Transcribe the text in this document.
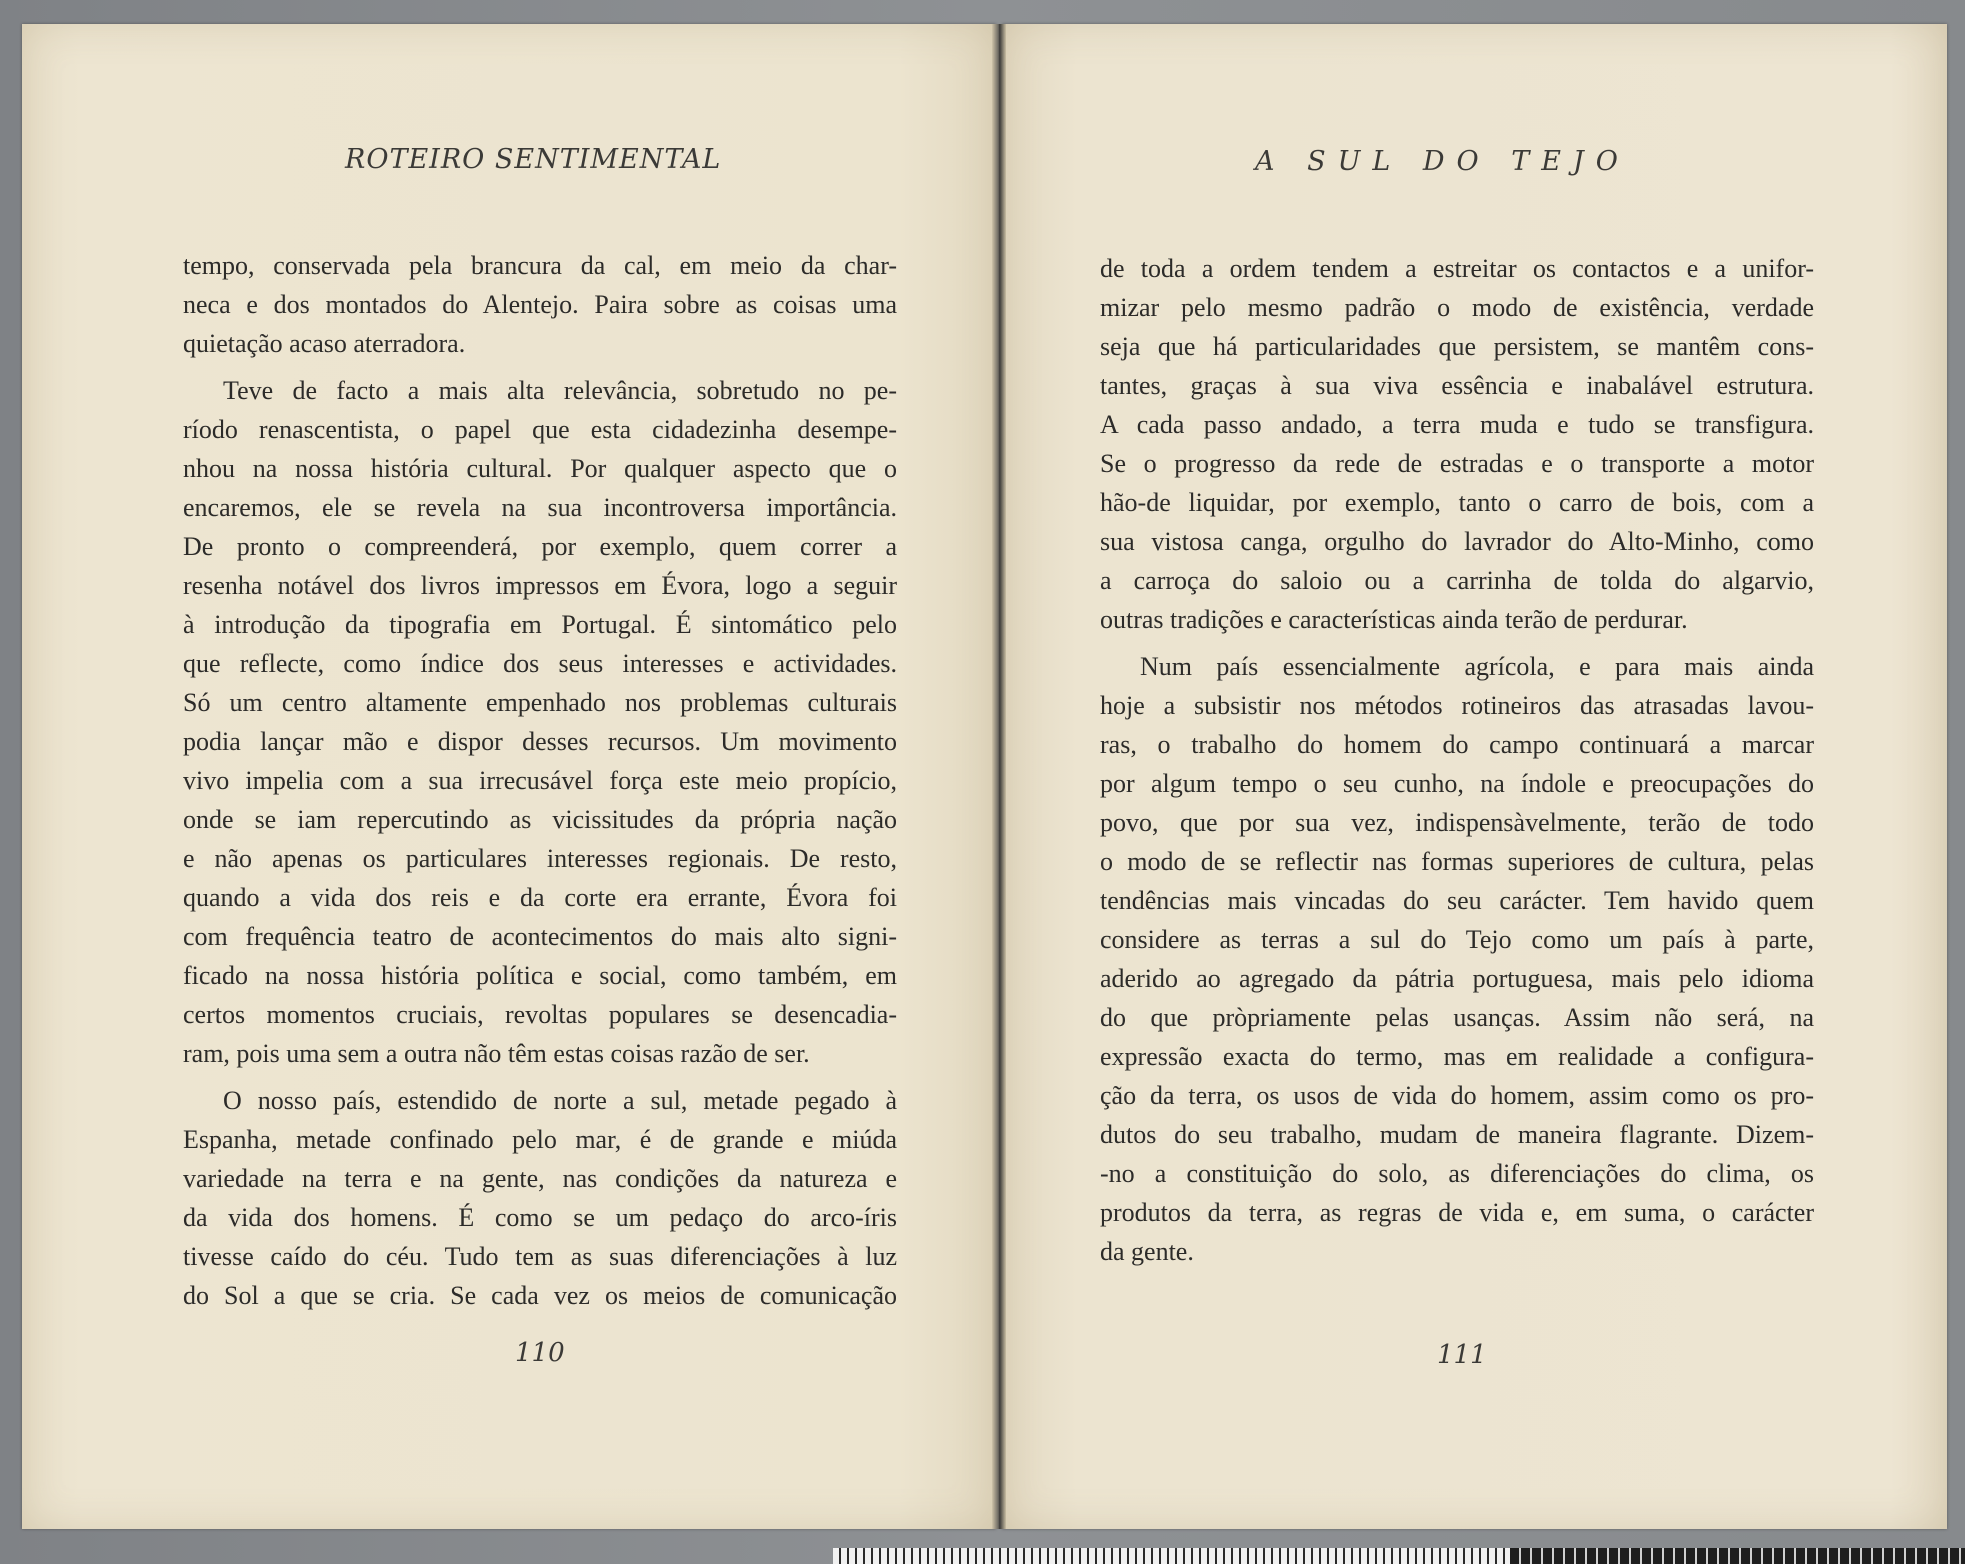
ROTEIRO SENTIMENTAL	A SUL DO TEJO
tempo, conservada pela brancura da cal, em meio da char-
neca e dos montados do Alentejo. Paira sobre as coisas uma
quietação acaso aterradora.
Teve de facto a mais alta relevância, sobretudo no pe-
ríodo renascentista, o papel que esta cidadezinha desempe-
nhou na nossa história cultural. Por qualquer aspecto que o
encaremos, ele se revela na sua incontroversa importância.
De pronto o compreenderá, por exemplo, quem correr a
resenha notável dos livros impressos em Évora, logo a seguir
à introdução da tipografia em Portugal. É sintomático pelo
que reflecte, como índice dos seus interesses e actividades.
Só um centro altamente empenhado nos problemas culturais
podia lançar mão e dispor desses recursos. Um movimento
vivo impelia com a sua irrecusável força este meio propício,
onde se iam repercutindo as vicissitudes da própria nação
e não apenas os particulares interesses regionais. De resto,
quando a vida dos reis e da corte era errante, Évora foi
com frequência teatro de acontecimentos do mais alto signi-
ficado na nossa história política e social, como também, em
certos momentos cruciais, revoltas populares se desencadia-
ram, pois uma sem a outra não têm estas coisas razão de ser.
O nosso país, estendido de norte a sul, metade pegado à
Espanha, metade confinado pelo mar, é de grande e miúda
variedade na terra e na gente, nas condições da natureza e
da vida dos homens. É como se um pedaço do arco-íris
tivesse caído do céu. Tudo tem as suas diferenciações à luz
do Sol a que se cria. Se cada vez os meios de comunicação
de toda a ordem tendem a estreitar os contactos e a unifor-
mizar pelo mesmo padrão o modo de existência, verdade
seja que há particularidades que persistem, se mantêm cons-
tantes, graças à sua viva essência e inabalável estrutura.
A cada passo andado, a terra muda e tudo se transfigura.
Se o progresso da rede de estradas e o transporte a motor
hão-de liquidar, por exemplo, tanto o carro de bois, com a
sua vistosa canga, orgulho do lavrador do Alto-Minho, como
a carroça do saloio ou a carrinha de tolda do algarvio,
outras tradições e características ainda terão de perdurar.
Num país essencialmente agrícola, e para mais ainda
hoje a subsistir nos métodos rotineiros das atrasadas lavou-
ras, o trabalho do homem do campo continuará a marcar
por algum tempo o seu cunho, na índole e preocupações do
povo, que por sua vez, indispensàvelmente, terão de todo
o modo de se reflectir nas formas superiores de cultura, pelas
tendências mais vincadas do seu carácter. Tem havido quem
considere as terras a sul do Tejo como um país à parte,
aderido ao agregado da pátria portuguesa, mais pelo idioma
do que pròpriamente pelas usanças. Assim não será, na
expressão exacta do termo, mas em realidade a configura-
ção da terra, os usos de vida do homem, assim como os pro-
dutos do seu trabalho, mudam de maneira flagrante. Dizem-
-no a constituição do solo, as diferenciações do clima, os
produtos da terra, as regras de vida e, em suma, o carácter
da gente.
110	111
